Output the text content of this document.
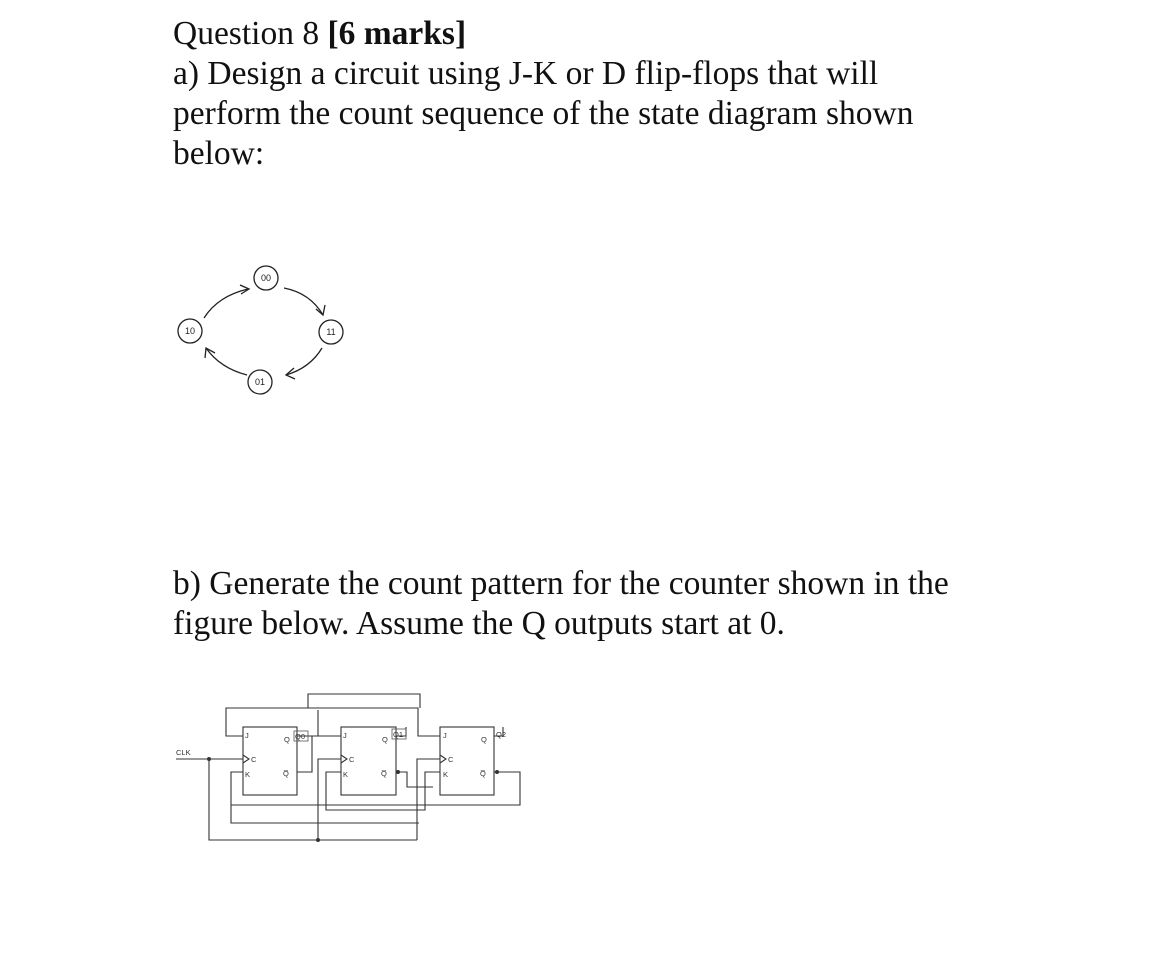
Question 8 [6 marks]
a) Design a circuit using J-K or D flip-flops that will
perform the count sequence of the state diagram shown
below:
00
11
01
10
b) Generate the count pattern for the counter shown in the
figure below. Assume the Q outputs start at 0.
CLK
J
C
K
Q
Q̅
Q0	J
C
K
Q
Q̅
Q1	J
C
K
Q
Q̅
Q2
